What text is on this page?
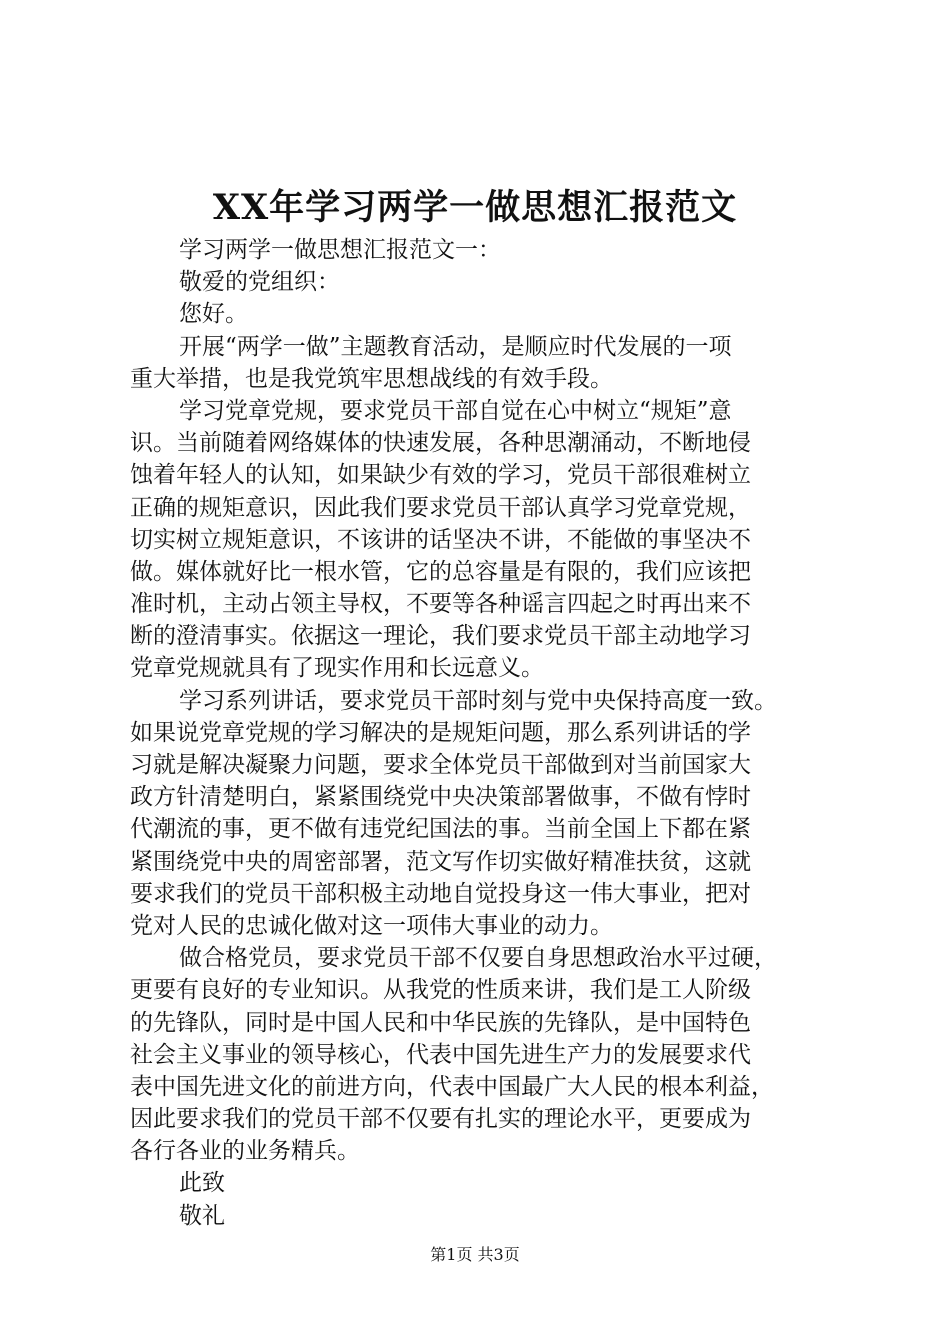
XX年学习两学一做思想汇报范文
学习两学一做思想汇报范文一：
敬爱的党组织：
您好。
开展“两学一做”主题教育活动，是顺应时代发展的一项
重大举措，也是我党筑牢思想战线的有效手段。
学习党章党规，要求党员干部自觉在心中树立“规矩”意
识。当前随着网络媒体的快速发展，各种思潮涌动，不断地侵
蚀着年轻人的认知，如果缺少有效的学习，党员干部很难树立
正确的规矩意识，因此我们要求党员干部认真学习党章党规，
切实树立规矩意识，不该讲的话坚决不讲，不能做的事坚决不
做。媒体就好比一根水管，它的总容量是有限的，我们应该把
准时机，主动占领主导权，不要等各种谣言四起之时再出来不
断的澄清事实。依据这一理论，我们要求党员干部主动地学习
党章党规就具有了现实作用和长远意义。
学习系列讲话，要求党员干部时刻与党中央保持高度一致。
如果说党章党规的学习解决的是规矩问题，那么系列讲话的学
习就是解决凝聚力问题，要求全体党员干部做到对当前国家大
政方针清楚明白，紧紧围绕党中央决策部署做事，不做有悖时
代潮流的事，更不做有违党纪国法的事。当前全国上下都在紧
紧围绕党中央的周密部署，范文写作切实做好精准扶贫，这就
要求我们的党员干部积极主动地自觉投身这一伟大事业，把对
党对人民的忠诚化做对这一项伟大事业的动力。
做合格党员，要求党员干部不仅要自身思想政治水平过硬，
更要有良好的专业知识。从我党的性质来讲，我们是工人阶级
的先锋队，同时是中国人民和中华民族的先锋队，是中国特色
社会主义事业的领导核心，代表中国先进生产力的发展要求代
表中国先进文化的前进方向，代表中国最广大人民的根本利益，
因此要求我们的党员干部不仅要有扎实的理论水平，更要成为
各行各业的业务精兵。
此致
敬礼
第1页 共3页
